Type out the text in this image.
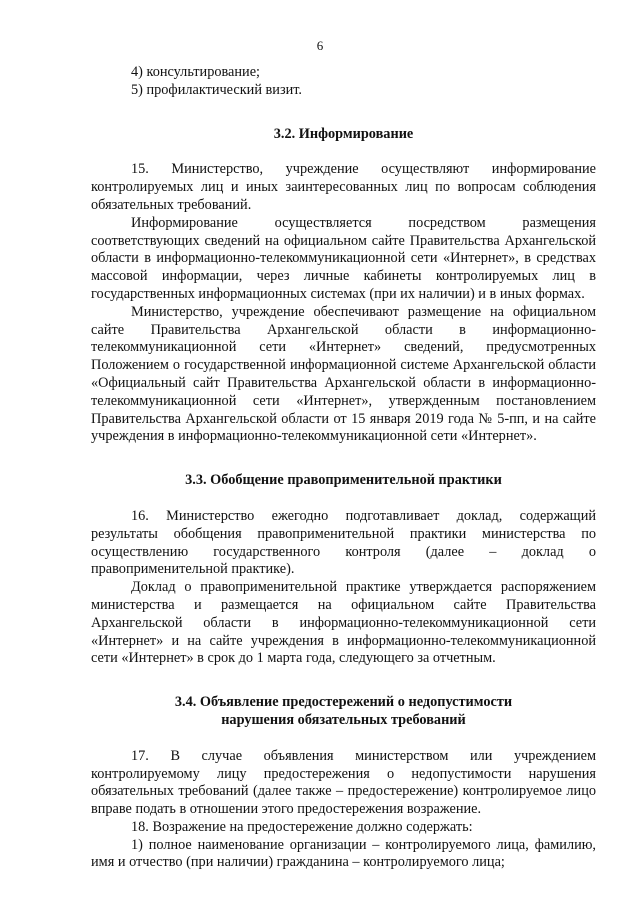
6

4) консультирование;

5) профилактический визит.

3.2. Информирование

15. Министерство, учреждение осуществляют информирование контролируемых лиц и иных заинтересованных лиц по вопросам соблюдения обязательных требований.

Информирование осуществляется посредством размещения соответствующих сведений на официальном сайте Правительства Архангельской области в информационно-телекоммуникационной сети «Интернет», в средствах массовой информации, через личные кабинеты контролируемых лиц в государственных информационных системах (при их наличии) и в иных формах.

Министерство, учреждение обеспечивают размещение на официальном сайте Правительства Архангельской области в информационно-телекоммуникационной сети «Интернет» сведений, предусмотренных Положением о государственной информационной системе Архангельской области «Официальный сайт Правительства Архангельской области в информационно-телекоммуникационной сети «Интернет», утвержденным постановлением Правительства Архангельской области от 15 января 2019 года № 5-пп, и на сайте учреждения в информационно-телекоммуникационной сети «Интернет».

3.3. Обобщение правоприменительной практики

16. Министерство ежегодно подготавливает доклад, содержащий результаты обобщения правоприменительной практики министерства по осуществлению государственного контроля (далее – доклад о правоприменительной практике).

Доклад о правоприменительной практике утверждается распоряжением министерства и размещается на официальном сайте Правительства Архангельской области в информационно-телекоммуникационной сети «Интернет» и на сайте учреждения в информационно-телекоммуникационной сети «Интернет» в срок до 1 марта года, следующего за отчетным.

3.4. Объявление предостережений о недопустимости

нарушения обязательных требований

17. В случае объявления министерством или учреждением контролируемому лицу предостережения о недопустимости нарушения обязательных требований (далее также – предостережение) контролируемое лицо вправе подать в отношении этого предостережения возражение.

18. Возражение на предостережение должно содержать:

1) полное наименование организации – контролируемого лица, фамилию, имя и отчество (при наличии) гражданина – контролируемого лица;
